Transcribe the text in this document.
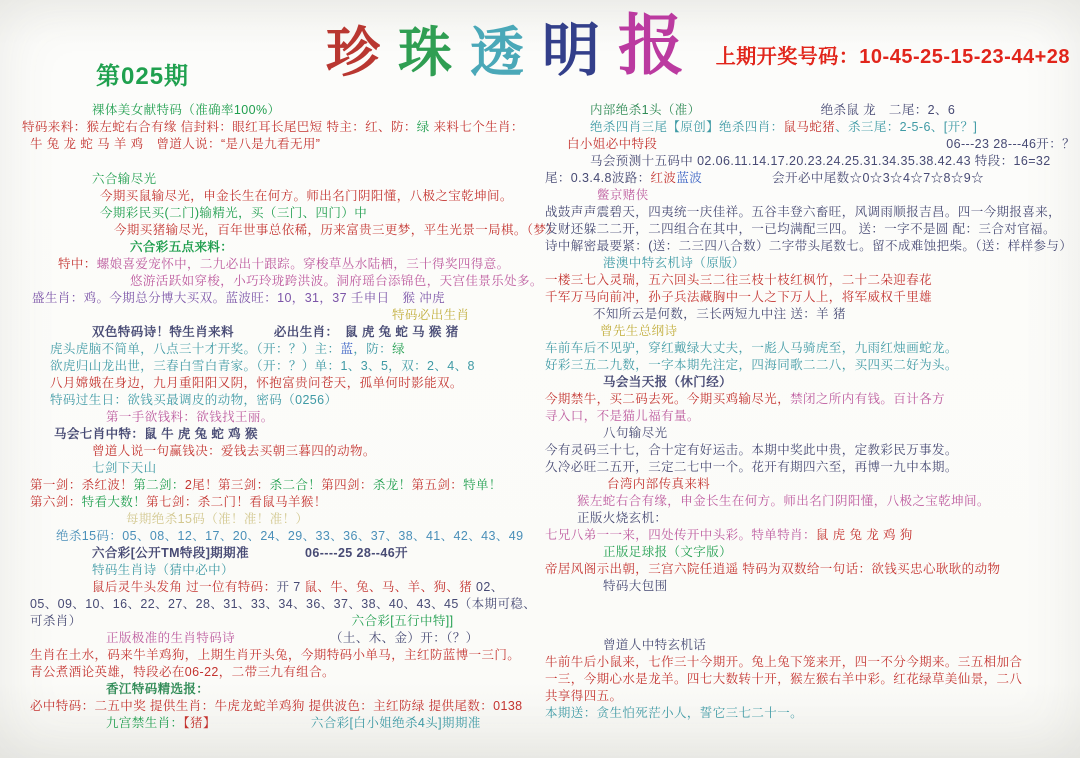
珍 珠 透 明 报
第025期
上期开奖号码：10-45-25-15-23-44+28
裸体美女献特码（准确率100%）
特码来料：猴左蛇右合有缘 信封料：眼红耳长尾巴短 特主：红、防：绿 来料七个生肖：
牛 兔 龙 蛇 马 羊 鸡　曾道人说：“是八是九看无用”
六合输尽光
今期买鼠输尽光，申金长生在何方。师出名门阴阳懂，八极之宝乾坤间。
今期彩民买(二门)输精光，买（三门、四门）中
今期买猪输尽光，百年世事总依稀，历来富贵三更梦，平生光景一局棋。（梦）
六合彩五点来料：
特中：螺娘喜爱宠怀中，二九必出十跟踪。穿梭草丛水陆栖，三十得奖四得意。
悠游活跃如穿梭，小巧玲珑跨洪波。洞府瑶台添锦色，天宫佳景乐处多。
盛生肖：鸡。今期总分博大买双。蓝波旺：10，31，37 壬申日　猴 冲虎
特码必出生肖
双色特码诗！特生肖来料	必出生肖：　鼠 虎 兔 蛇 马 猴 猪
虎头虎脑不简单，八点三十才开奖。（开：？）主：蓝，防：绿
欲虎归山龙出世，三春白雪白青家。（开：？）单：1、3、5，双：2、4、8
八月嫦娥在身边，九月重阳阳又阴，怀抱富贵问苍天，孤单何时影能双。
特码过生日：欲钱买最调皮的动物，密码（0256）
第一手欲钱料：欲钱找王丽。
马会七肖中特：鼠 牛 虎 兔 蛇 鸡 猴
曾道人说一句赢钱决：爱钱去买朝三暮四的动物。
七剑下天山
第一剑：杀红波！第二剑：2尾！第三剑：杀二合！第四剑：杀龙！第五剑：特单！
第六剑：特看大数！第七剑：杀二门！看鼠马羊猴！
每期绝杀15码（准！准！准！）
绝杀15码：05、08、12、17、20、24、29、33、36、37、38、41、42、43、49
六合彩[公开TM特段]期期准	06----25 28--46开
特码生肖诗（猜中必中）
鼠后灵牛头发角 过一位有特码：开 7 鼠、牛、兔、马、羊、狗、猪 02、
05、09、10、16、22、27、28、31、33、34、36、37、38、40、43、45（本期可稳、
可杀肖）	六合彩[五行中特]]
正版极准的生肖特码诗	（土、木、金）开：（？）
生肖在土水，码来牛羊鸡狗，上期生肖开头兔，今期特码小单马，主红防蓝博一三门。
青公煮酒论英雄，特段必在06-22，二带三九有组合。
香江特码精选报：
必中特码：二五中奖 提供生肖：牛虎龙蛇羊鸡狗 提供波色：主红防绿 提供尾数：0138
九宫禁生肖：【猪】	六合彩[白小姐绝杀4头]期期准
内部绝杀1头（准）	绝杀鼠 龙　二尾：2、6
绝杀四肖三尾【原创】绝杀四肖：鼠马蛇猪、杀三尾：2-5-6、[开？]
白小姐必中特段	06---23 28---46开：？
马会预测十五码中 02.06.11.14.17.20.23.24.25.31.34.35.38.42.43 特段：16=32
尾：0.3.4.8波路：红波蓝波	会开必中尾数☆0☆3☆4☆7☆8☆9☆
鳖京赌侠
战鼓声声震碧天，四夷统一庆佳祥。五谷丰登六畜旺，风调雨顺报吉昌。四一今期报喜来，
发财还躲二二开，二四组合在其中，一已均满配三四。 送：一字不是圆 配：三合对官福。
诗中解密最要紧：(送：二三四八合数）二字带头尾数七。留不成难蚀把柴。（送：样样参与）
港澳中特玄机诗（原版）
一楼三七入灵瑞，五六回头三二往三枝十枝红枫竹，二十二朵迎春花
千军万马向前冲，孙子兵法藏胸中一人之下万人上，将军威权千里雄
不知所云是何数，三长两短九中注 送：羊 猪
曾先生总纲诗
车前车后不见驴，穿红戴绿大丈夫，一彪人马骑虎至，九雨红烛画蛇龙。
好彩三五二九数，一字本期先注定，四海同歌二二八，买四买二好为头。
马会当天报（休门经）
今期禁牛，买二码去死。今期买鸡输尽光，禁闭之所内有钱。百计各方
寻入口，不是猫儿福有量。
八句输尽光
今有灵码三十七，合十定有好运击。本期中奖此中贵，定教彩民万事发。
久冷必旺二五开，三定二七中一个。花开有期四六至，再博一九中本期。
台湾内部传真来料
猴左蛇右合有缘，申金长生在何方。师出名门阴阳懂，八极之宝乾坤间。
正版火烧玄机：
七兄八弟一一来，四处传开中头彩。特单特肖：鼠 虎 兔 龙 鸡 狗
正版足球报（文字版）
帝居风阁示出朝，三宫六院任逍遥 特码为双数给一句话：欲钱买忠心耿耿的动物
特码大包围
曾道人中特玄机话
牛前牛后小鼠来，七作三十今期开。兔上兔下笼来开，四一不分今期来。三五相加合
一三，今期心水是龙羊。四七大数转十开，猴左猴右羊中彩。红花绿草美仙景，二八
共享得四五。
本期送：贪生怕死茫小人，誓它三七二十一。
